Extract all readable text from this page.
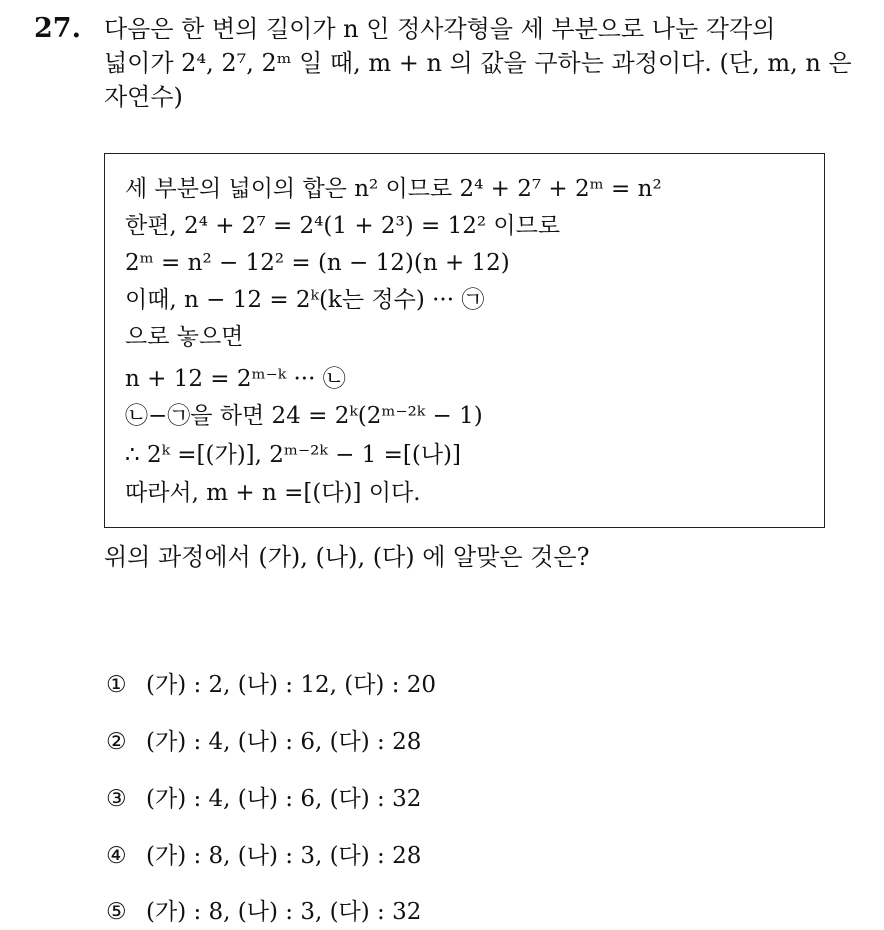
27. 다음은 한 변의 길이가 n 인 정사각형을 세 부분으로 나눈 각각의
넓이가 2⁴, 2⁷, 2ᵐ 일 때, m + n 의 값을 구하는 과정이다. (단, m, n 은
자연수)
세 부분의 넓이의 합은 n² 이므로 2⁴ + 2⁷ + 2ᵐ = n²
한편, 2⁴ + 2⁷ = 2⁴(1 + 2³) = 12² 이므로
2ᵐ = n² − 12² = (n − 12)(n + 12)
이때, n − 12 = 2ᵏ(k는 정수) ··· ㉠
으로 놓으면
n + 12 = 2ᵐ⁻ᵏ ··· ㉡
㉡−㉠을 하면 24 = 2ᵏ(2ᵐ⁻²ᵏ − 1)
∴ 2ᵏ =[(가)], 2ᵐ⁻²ᵏ − 1 =[(나)]
따라서, m + n =[(다)] 이다.
위의 과정에서 (가), (나), (다) 에 알맞은 것은?
① (가) : 2, (나) : 12, (다) : 20
② (가) : 4, (나) : 6, (다) : 28
③ (가) : 4, (나) : 6, (다) : 32
④ (가) : 8, (나) : 3, (다) : 28
⑤ (가) : 8, (나) : 3, (다) : 32
